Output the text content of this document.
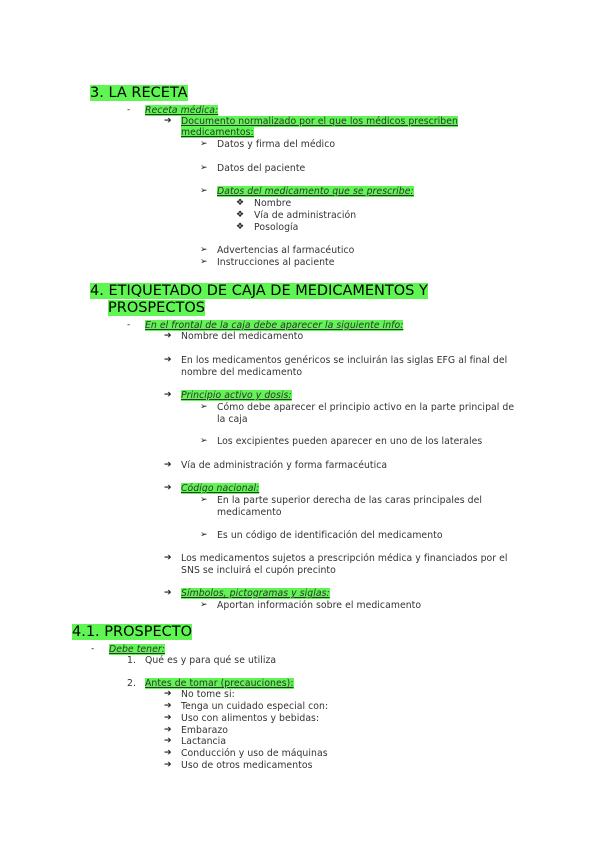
3. LA RECETA
- Receta médica:
➔ Documento normalizado por el que los médicos prescriben
medicamentos:
➢ Datos y firma del médico
➢ Datos del paciente
➢ Datos del medicamento que se prescribe:
❖ Nombre
❖ Vía de administración
❖ Posología
➢ Advertencias al farmacéutico
➢ Instrucciones al paciente
4. ETIQUETADO DE CAJA DE MEDICAMENTOS Y
PROSPECTOS
- En el frontal de la caja debe aparecer la siguiente info:
➔ Nombre del medicamento
➔ En los medicamentos genéricos se incluirán las siglas EFG al final del
nombre del medicamento
➔ Principio activo y dosis:
➢ Cómo debe aparecer el principio activo en la parte principal de
la caja
➢ Los excipientes pueden aparecer en uno de los laterales
➔ Vía de administración y forma farmacéutica
➔ Código nacional:
➢ En la parte superior derecha de las caras principales del
medicamento
➢ Es un código de identificación del medicamento
➔ Los medicamentos sujetos a prescripción médica y financiados por el
SNS se incluirá el cupón precinto
➔ Símbolos, pictogramas y siglas:
➢ Aportan información sobre el medicamento
4.1. PROSPECTO
- Debe tener:
1. Qué es y para qué se utiliza
2. Antes de tomar (precauciones):
➔ No tome si:
➔ Tenga un cuidado especial con:
➔ Uso con alimentos y bebidas:
➔ Embarazo
➔ Lactancia
➔ Conducción y uso de máquinas
➔ Uso de otros medicamentos
